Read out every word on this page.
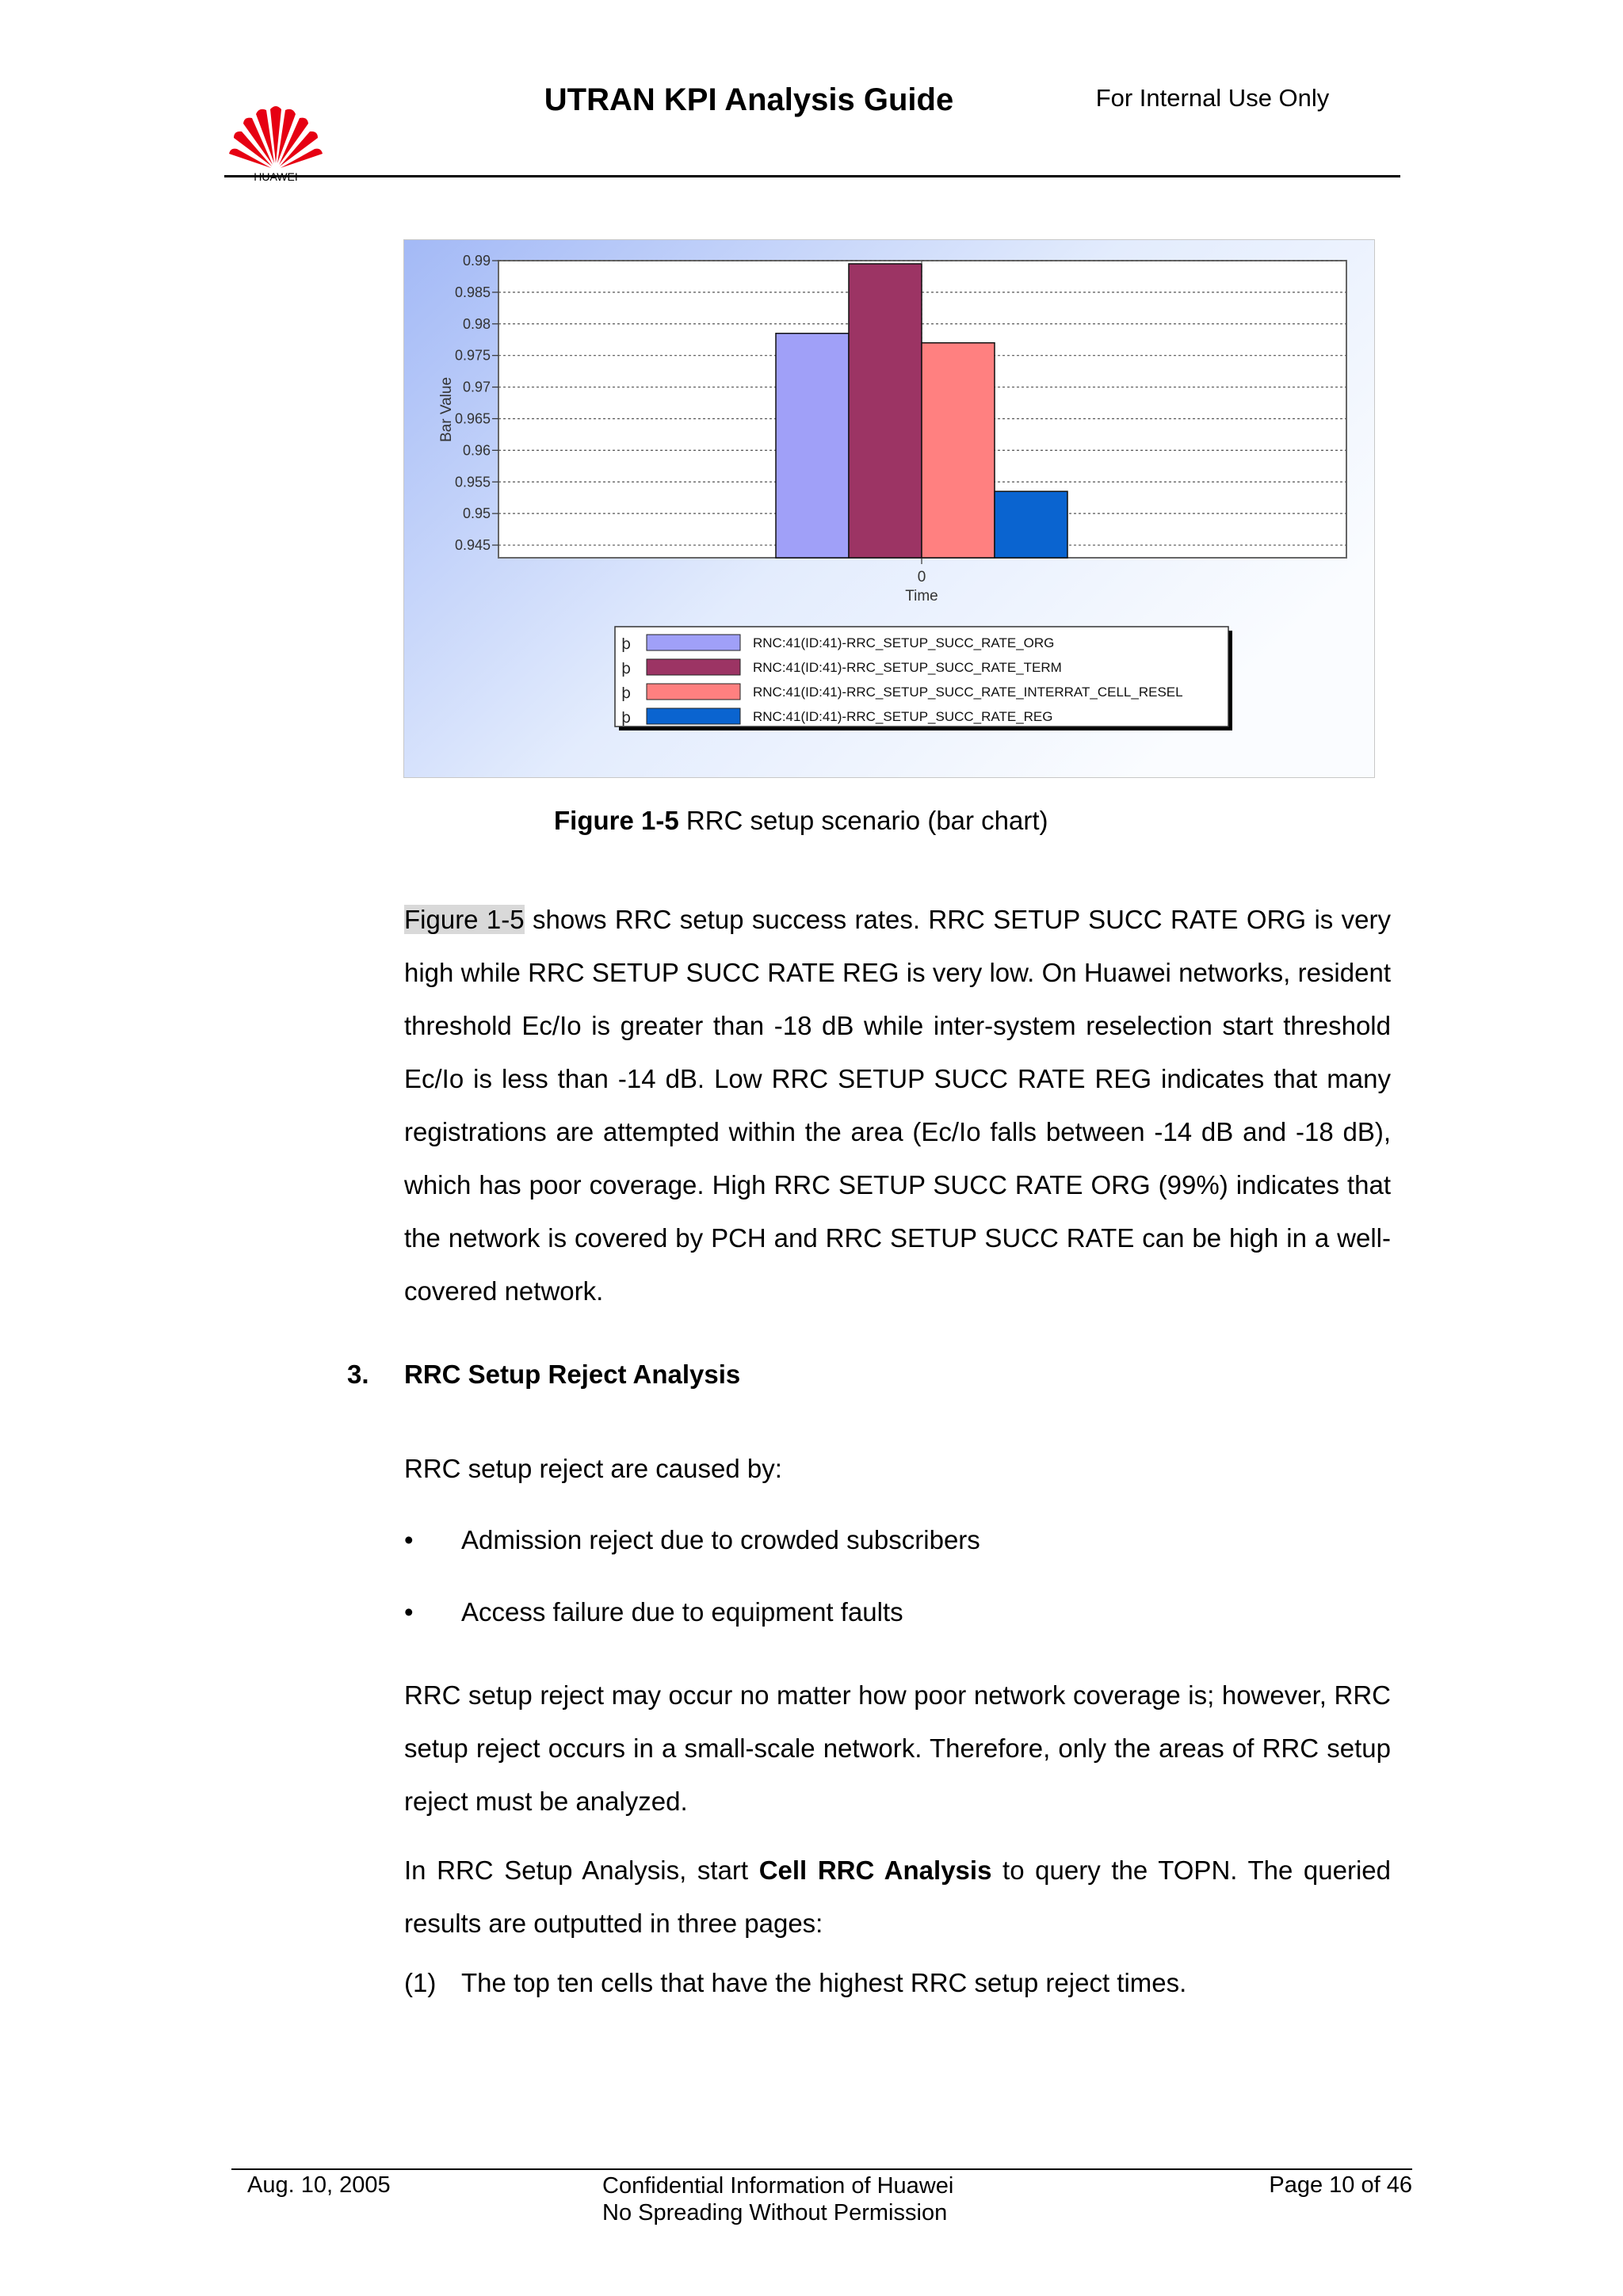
UTRAN KPI Analysis Guide	For Internal Use Only
0.99
0.985
0.98
0.975
0.97
0.965
0.96
0.955
0.95
0.945
Bar Value
0
Time
þ	RNC:41(ID:41)-RRC_SETUP_SUCC_RATE_ORG
þ	RNC:41(ID:41)-RRC_SETUP_SUCC_RATE_TERM
þ	RNC:41(ID:41)-RRC_SETUP_SUCC_RATE_INTERRAT_CELL_RESEL
þ	RNC:41(ID:41)-RRC_SETUP_SUCC_RATE_REG
Figure 1-5 RRC setup scenario (bar chart)
Figure 1-5 shows RRC setup success rates. RRC SETUP SUCC RATE ORG is very high while RRC SETUP SUCC RATE REG is very low. On Huawei networks, resident threshold Ec/Io is greater than -18 dB while inter-system reselection start threshold Ec/Io is less than -14 dB. Low RRC SETUP SUCC RATE REG indicates that many registrations are attempted within the area (Ec/Io falls between -14 dB and -18 dB), which has poor coverage. High RRC SETUP SUCC RATE ORG (99%) indicates that the network is covered by PCH and RRC SETUP SUCC RATE can be high in a well-covered network.
3. RRC Setup Reject Analysis
RRC setup reject are caused by:
• Admission reject due to crowded subscribers
• Access failure due to equipment faults
RRC setup reject may occur no matter how poor network coverage is; however, RRC setup reject occurs in a small-scale network. Therefore, only the areas of RRC setup reject must be analyzed.
In RRC Setup Analysis, start Cell RRC Analysis to query the TOPN. The queried results are outputted in three pages:
(1) The top ten cells that have the highest RRC setup reject times.
Aug. 10, 2005	Confidential Information of Huawei
No Spreading Without Permission
Page 10 of 46
